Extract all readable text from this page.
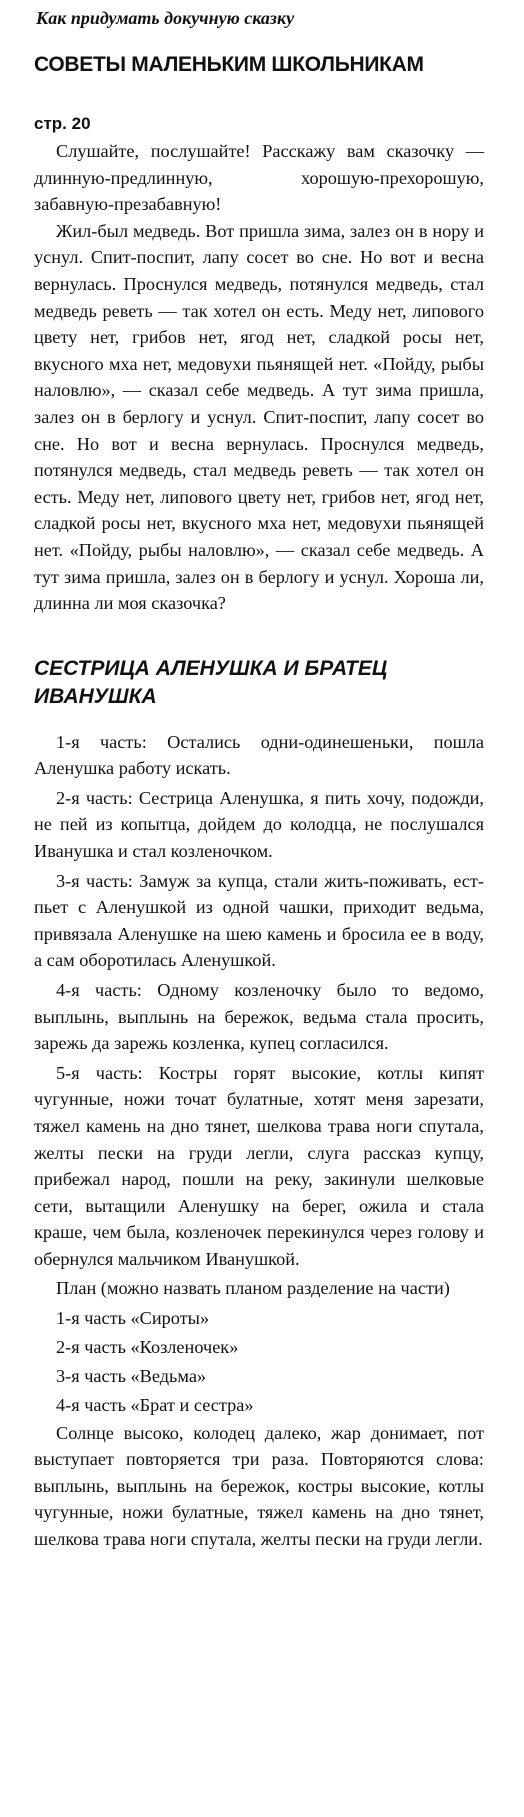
Как придумать докучную сказку

СОВЕТЫ МАЛЕНЬКИМ ШКОЛЬНИКАМ

стр. 20

Слушайте, послушайте! Расскажу вам сказочку — длинную-предлинную, хорошую-прехорошую, забавную-презабавную!

Жил-был медведь. Вот пришла зима, залез он в нору и уснул. Спит-поспит, лапу сосет во сне. Но вот и весна вернулась. Проснулся медведь, потянулся медведь, стал медведь реветь — так хотел он есть. Меду нет, липового цвету нет, грибов нет, ягод нет, сладкой росы нет, вкусного мха нет, медовухи пьянящей нет. «Пойду, рыбы наловлю», — сказал себе медведь. А тут зима пришла, залез он в берлогу и уснул. Спит-поспит, лапу сосет во сне. Но вот и весна вернулась. Проснулся медведь, потянулся медведь, стал медведь реветь — так хотел он есть. Меду нет, липового цвету нет, грибов нет, ягод нет, сладкой росы нет, вкусного мха нет, медовухи пьянящей нет. «Пойду, рыбы наловлю», — сказал себе медведь. А тут зима пришла, залез он в берлогу и уснул. Хороша ли, длинна ли моя сказочка?

СЕСТРИЦА АЛЕНУШКА И БРАТЕЦ ИВАНУШКА

1-я часть: Остались одни-одинешеньки, пошла Аленушка работу искать.

2-я часть: Сестрица Аленушка, я пить хочу, подожди, не пей из копытца, дойдем до колодца, не послушался Иванушка и стал козленочком.

3-я часть: Замуж за купца, стали жить-поживать, ест-пьет с Аленушкой из одной чашки, приходит ведьма, привязала Аленушке на шею камень и бросила ее в воду, а сам оборотилась Аленушкой.

4-я часть: Одному козленочку было то ведомо, выплынь, выплынь на бережок, ведьма стала просить, зарежь да зарежь козленка, купец согласился.

5-я часть: Костры горят высокие, котлы кипят чугунные, ножи точат булатные, хотят меня зарезати, тяжел камень на дно тянет, шелкова трава ноги спутала, желты пески на груди легли, слуга рассказ купцу, прибежал народ, пошли на реку, закинули шелковые сети, вытащили Аленушку на берег, ожила и стала краше, чем была, козленочек перекинулся через голову и обернулся мальчиком Иванушкой.

План (можно назвать планом разделение на части)

1-я часть «Сироты»

2-я часть «Козленочек»

3-я часть «Ведьма»

4-я часть «Брат и сестра»

Солнце высоко, колодец далеко, жар донимает, пот выступает повторяется три раза. Повторяются слова: выплынь, выплынь на бережок, костры высокие, котлы чугунные, ножи булатные, тяжел камень на дно тянет, шелкова трава ноги спутала, желты пески на груди легли.
